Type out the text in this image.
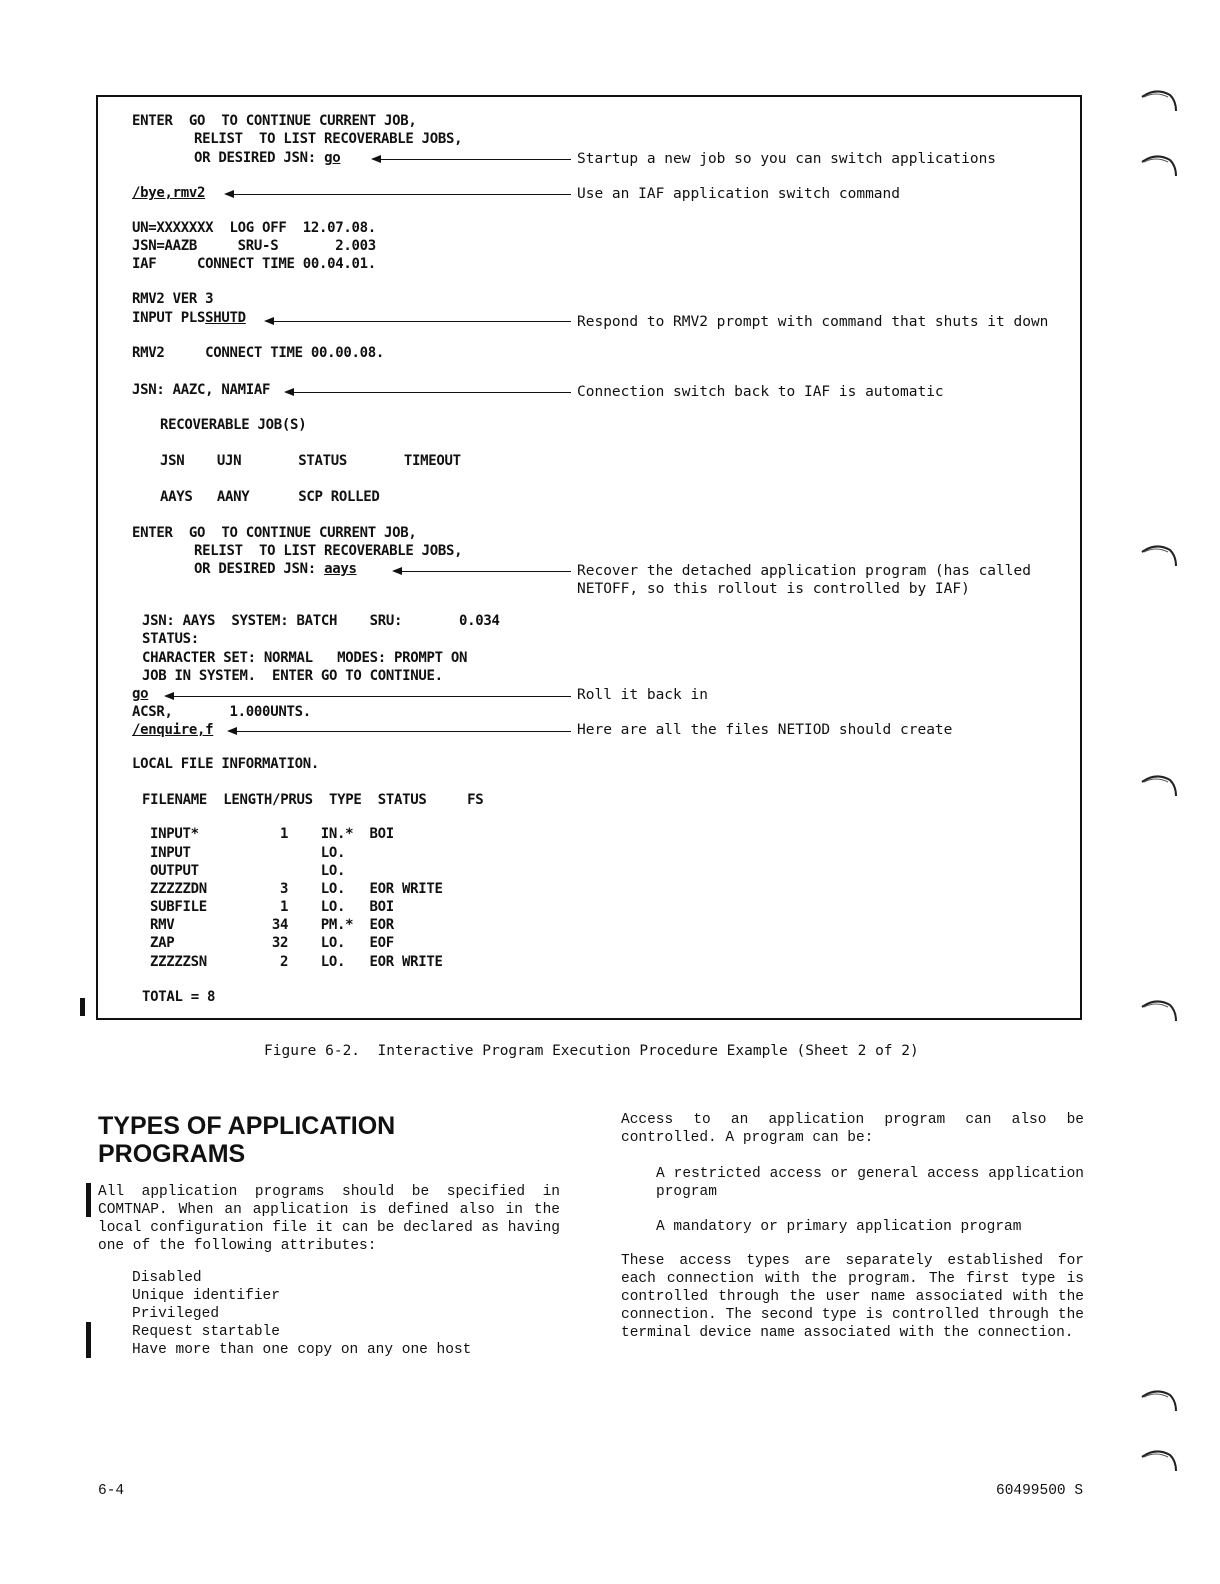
ENTER  GO  TO CONTINUE CURRENT JOB,
RELIST  TO LIST RECOVERABLE JOBS,
OR DESIRED JSN: go
/bye,rmv2
UN=XXXXXXX  LOG OFF  12.07.08.
JSN=AAZB     SRU-S       2.003
IAF     CONNECT TIME 00.04.01.
RMV2 VER 3
INPUT PLSSHUTD
RMV2     CONNECT TIME 00.00.08.
JSN: AAZC, NAMIAF
RECOVERABLE JOB(S)
JSN    UJN       STATUS       TIMEOUT
AAYS   AANY      SCP ROLLED
ENTER  GO  TO CONTINUE CURRENT JOB,
RELIST  TO LIST RECOVERABLE JOBS,
OR DESIRED JSN: aays
JSN: AAYS  SYSTEM: BATCH    SRU:       0.034
STATUS:
CHARACTER SET: NORMAL   MODES: PROMPT ON
JOB IN SYSTEM.  ENTER GO TO CONTINUE.
go
ACSR,       1.000UNTS.
/enquire,f
LOCAL FILE INFORMATION.
FILENAME  LENGTH/PRUS  TYPE  STATUS     FS
INPUT*          1    IN.*  BOI
INPUT                LO.
OUTPUT               LO.
ZZZZZDN         3    LO.   EOR WRITE
SUBFILE         1    LO.   BOI
RMV            34    PM.*  EOR
ZAP            32    LO.   EOF
ZZZZZSN         2    LO.   EOR WRITE
TOTAL = 8
Startup a new job so you can switch applications
Use an IAF application switch command
Respond to RMV2 prompt with command that shuts it down
Connection switch back to IAF is automatic
Recover the detached application program (has called
NETOFF, so this rollout is controlled by IAF)
Roll it back in
Here are all the files NETIOD should create
Figure 6-2.  Interactive Program Execution Procedure Example (Sheet 2 of 2)
TYPES OF APPLICATION PROGRAMS
All application programs should be specified in COMTNAP. When an application is defined also in the local configuration file it can be declared as having one of the following attributes:
Disabled
Unique identifier
Privileged
Request startable
Have more than one copy on any one host
Access to an application program can also be controlled. A program can be:
A restricted access or general access application program
A mandatory or primary application program
These access types are separately established for each connection with the program. The first type is controlled through the user name associated with the connection. The second type is controlled through the terminal device name associated with the connection.
6-4	60499500 S
